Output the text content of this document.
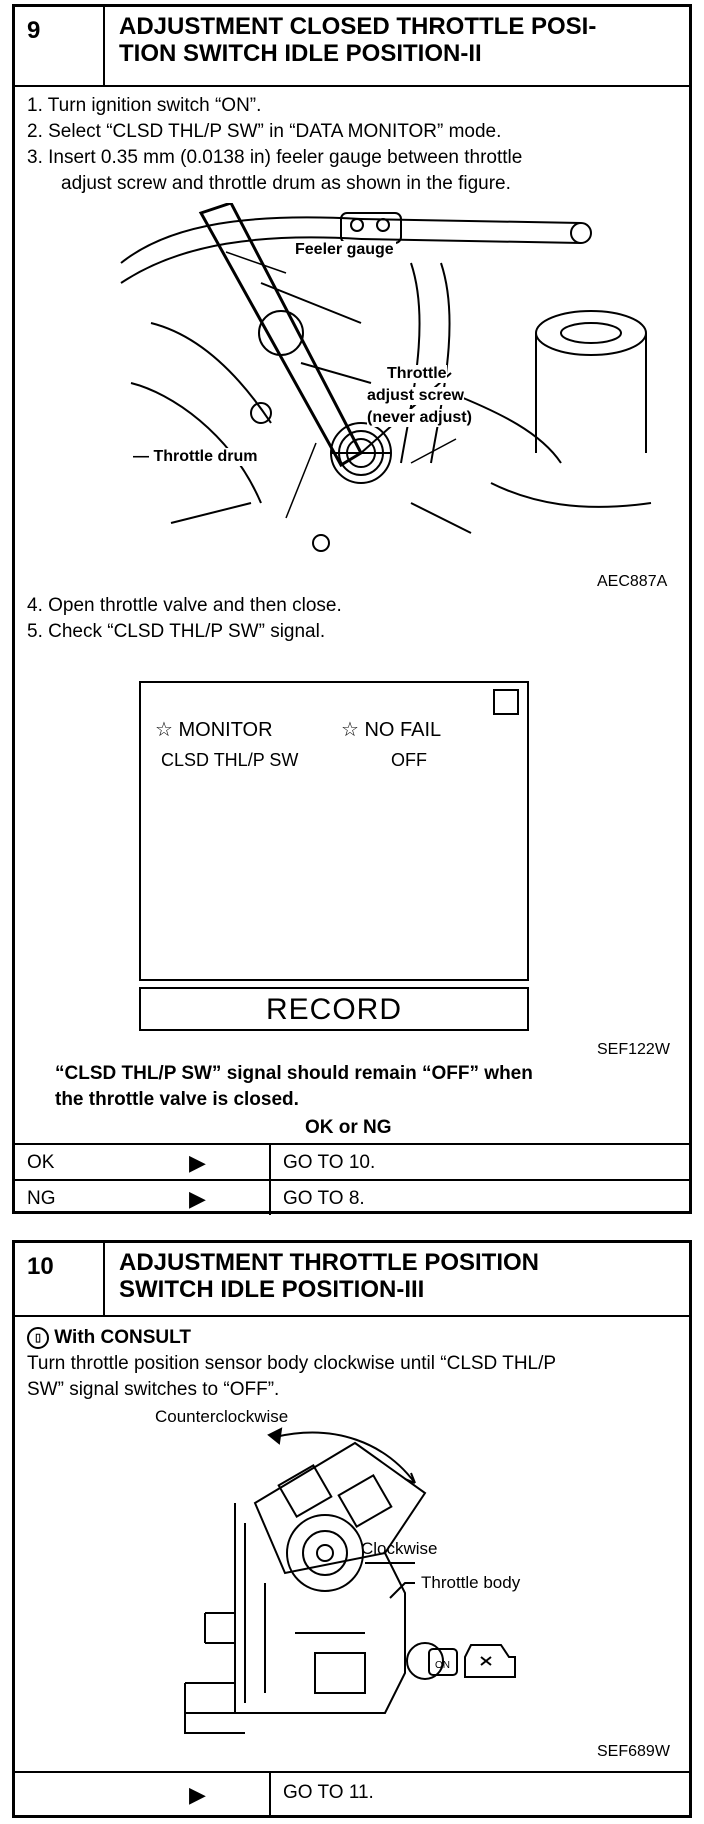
9	ADJUSTMENT CLOSED THROTTLE POSI-
TION SWITCH IDLE POSITION-II
1. Turn ignition switch “ON”.
2. Select “CLSD THL/P SW” in “DATA MONITOR” mode.
3. Insert 0.35 mm (0.0138 in) feeler gauge between throttle
adjust screw and throttle drum as shown in the figure.
Feeler gauge
Throttle
adjust screw
(never adjust)
— Throttle drum
AEC887A
4. Open throttle valve and then close.
5. Check “CLSD THL/P SW” signal.
☆ MONITOR	☆ NO FAIL
CLSD THL/P SW	OFF
RECORD
SEF122W
“CLSD THL/P SW” signal should remain “OFF” when
the throttle valve is closed.
OK or NG
OK	▶	GO TO 10.
NG	▶	GO TO 8.
10	ADJUSTMENT THROTTLE POSITION
SWITCH IDLE POSITION-III
▯ With CONSULT
Turn throttle position sensor body clockwise until “CLSD THL/P
SW” signal switches to “OFF”.
ON
Counterclockwise
Clockwise
Throttle body
SEF689W
▶	GO TO 11.
